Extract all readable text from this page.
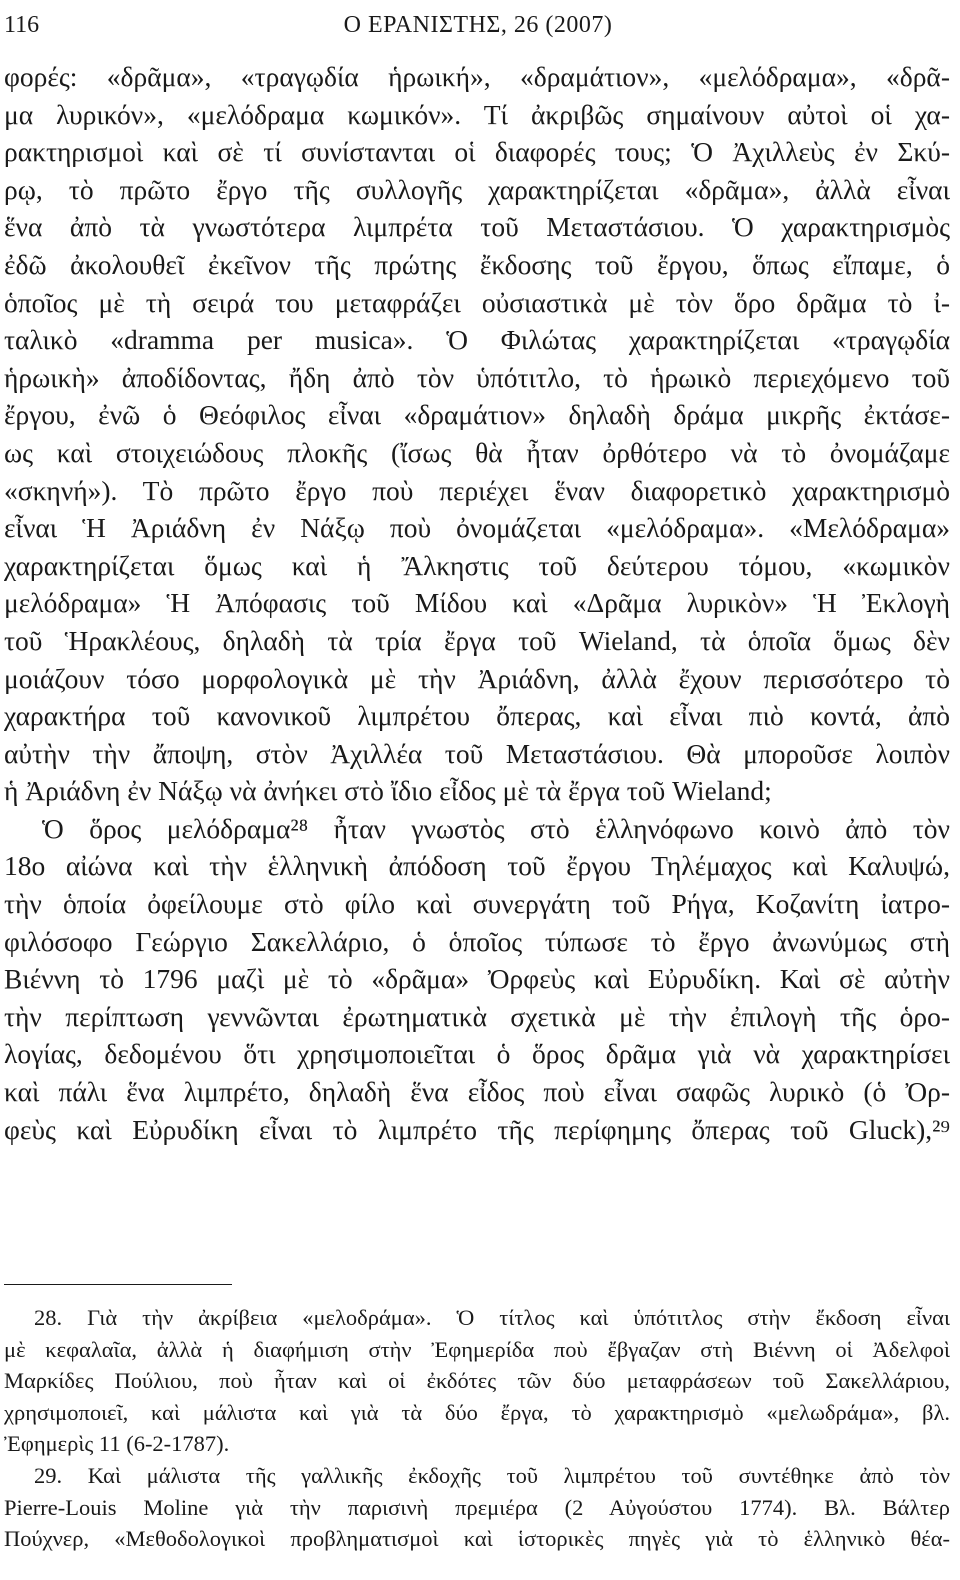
116	Ο ΕΡΑΝΙΣΤΗΣ, 26 (2007)
φορές: «δρᾶμα», «τραγῳδία ἡρωική», «δραμάτιον», «μελόδραμα», «δρᾶ-
μα λυρικόν», «μελόδραμα κωμικόν». Τί ἀκριβῶς σημαίνουν αὐτοὶ οἱ χα-
ρακτηρισμοὶ καὶ σὲ τί συνίστανται οἱ διαφορές τους; Ὁ Ἀχιλλεὺς ἐν Σκύ-
ρῳ, τὸ πρῶτο ἔργο τῆς συλλογῆς χαρακτηρίζεται «δρᾶμα», ἀλλὰ εἶναι
ἕνα ἀπὸ τὰ γνωστότερα λιμπρέτα τοῦ Μεταστάσιου. Ὁ χαρακτηρισμὸς
ἐδῶ ἀκολουθεῖ ἐκεῖνον τῆς πρώτης ἔκδοσης τοῦ ἔργου, ὅπως εἴπαμε, ὁ
ὁποῖος μὲ τὴ σειρά του μεταφράζει οὐσιαστικὰ μὲ τὸν ὅρο δρᾶμα τὸ ἰ-
ταλικὸ «dramma per musica». Ὁ Φιλώτας χαρακτηρίζεται «τραγῳδία
ἡρωικὴ» ἀποδίδοντας, ἤδη ἀπὸ τὸν ὑπότιτλο, τὸ ἡρωικὸ περιεχόμενο τοῦ
ἔργου, ἐνῶ ὁ Θεόφιλος εἶναι «δραμάτιον» δηλαδὴ δράμα μικρῆς ἐκτάσε-
ως καὶ στοιχειώδους πλοκῆς (ἴσως θὰ ἦταν ὀρθότερο νὰ τὸ ὀνομάζαμε
«σκηνή»). Τὸ πρῶτο ἔργο ποὺ περιέχει ἕναν διαφορετικὸ χαρακτηρισμὸ
εἶναι Ἡ Ἀριάδνη ἐν Νάξῳ ποὺ ὀνομάζεται «μελόδραμα». «Μελόδραμα»
χαρακτηρίζεται ὅμως καὶ ἡ Ἄλκηστις τοῦ δεύτερου τόμου, «κωμικὸν
μελόδραμα» Ἡ Ἀπόφασις τοῦ Μίδου καὶ «Δρᾶμα λυρικὸν» Ἡ Ἐκλογὴ
τοῦ Ἡρακλέους, δηλαδὴ τὰ τρία ἔργα τοῦ Wieland, τὰ ὁποῖα ὅμως δὲν
μοιάζουν τόσο μορφολογικὰ μὲ τὴν Ἀριάδνη, ἀλλὰ ἔχουν περισσότερο τὸ
χαρακτήρα τοῦ κανονικοῦ λιμπρέτου ὄπερας, καὶ εἶναι πιὸ κοντά, ἀπὸ
αὐτὴν τὴν ἄποψη, στὸν Ἀχιλλέα τοῦ Μεταστάσιου. Θὰ μποροῦσε λοιπὸν
ἡ Ἀριάδνη ἐν Νάξῳ νὰ ἀνήκει στὸ ἴδιο εἶδος μὲ τὰ ἔργα τοῦ Wieland;
Ὁ ὅρος μελόδραμα²⁸ ἦταν γνωστὸς στὸ ἑλληνόφωνο κοινὸ ἀπὸ τὸν
18ο αἰώνα καὶ τὴν ἑλληνικὴ ἀπόδοση τοῦ ἔργου Τηλέμαχος καὶ Καλυψώ,
τὴν ὁποία ὀφείλουμε στὸ φίλο καὶ συνεργάτη τοῦ Ρήγα, Κοζανίτη ἰατρο-
φιλόσοφο Γεώργιο Σακελλάριο, ὁ ὁποῖος τύπωσε τὸ ἔργο ἀνωνύμως στὴ
Βιέννη τὸ 1796 μαζὶ μὲ τὸ «δρᾶμα» Ὀρφεὺς καὶ Εὐρυδίκη. Καὶ σὲ αὐτὴν
τὴν περίπτωση γεννῶνται ἐρωτηματικὰ σχετικὰ μὲ τὴν ἐπιλογὴ τῆς ὁρο-
λογίας, δεδομένου ὅτι χρησιμοποιεῖται ὁ ὅρος δρᾶμα γιὰ νὰ χαρακτηρίσει
καὶ πάλι ἕνα λιμπρέτο, δηλαδὴ ἕνα εἶδος ποὺ εἶναι σαφῶς λυρικὸ (ὁ Ὀρ-
φεὺς καὶ Εὐρυδίκη εἶναι τὸ λιμπρέτο τῆς περίφημης ὄπερας τοῦ Gluck),²⁹
28. Γιὰ τὴν ἀκρίβεια «μελοδράμα». Ὁ τίτλος καὶ ὑπότιτλος στὴν ἔκδοση εἶναι
μὲ κεφαλαῖα, ἀλλὰ ἡ διαφήμιση στὴν Ἐφημερίδα ποὺ ἔβγαζαν στὴ Βιέννη οἱ Ἀδελφοὶ
Μαρκίδες Πούλιου, ποὺ ἦταν καὶ οἱ ἐκδότες τῶν δύο μεταφράσεων τοῦ Σακελλάριου,
χρησιμοποιεῖ, καὶ μάλιστα καὶ γιὰ τὰ δύο ἔργα, τὸ χαρακτηρισμὸ «μελωδράμα», βλ.
Ἐφημερὶς 11 (6-2-1787).
29. Καὶ μάλιστα τῆς γαλλικῆς ἐκδοχῆς τοῦ λιμπρέτου τοῦ συντέθηκε ἀπὸ τὸν
Pierre-Louis Moline γιὰ τὴν παρισινὴ πρεμιέρα (2 Αὐγούστου 1774). Βλ. Βάλτερ
Πούχνερ, «Μεθοδολογικοὶ προβληματισμοὶ καὶ ἱστορικὲς πηγὲς γιὰ τὸ ἑλληνικὸ θέα-
